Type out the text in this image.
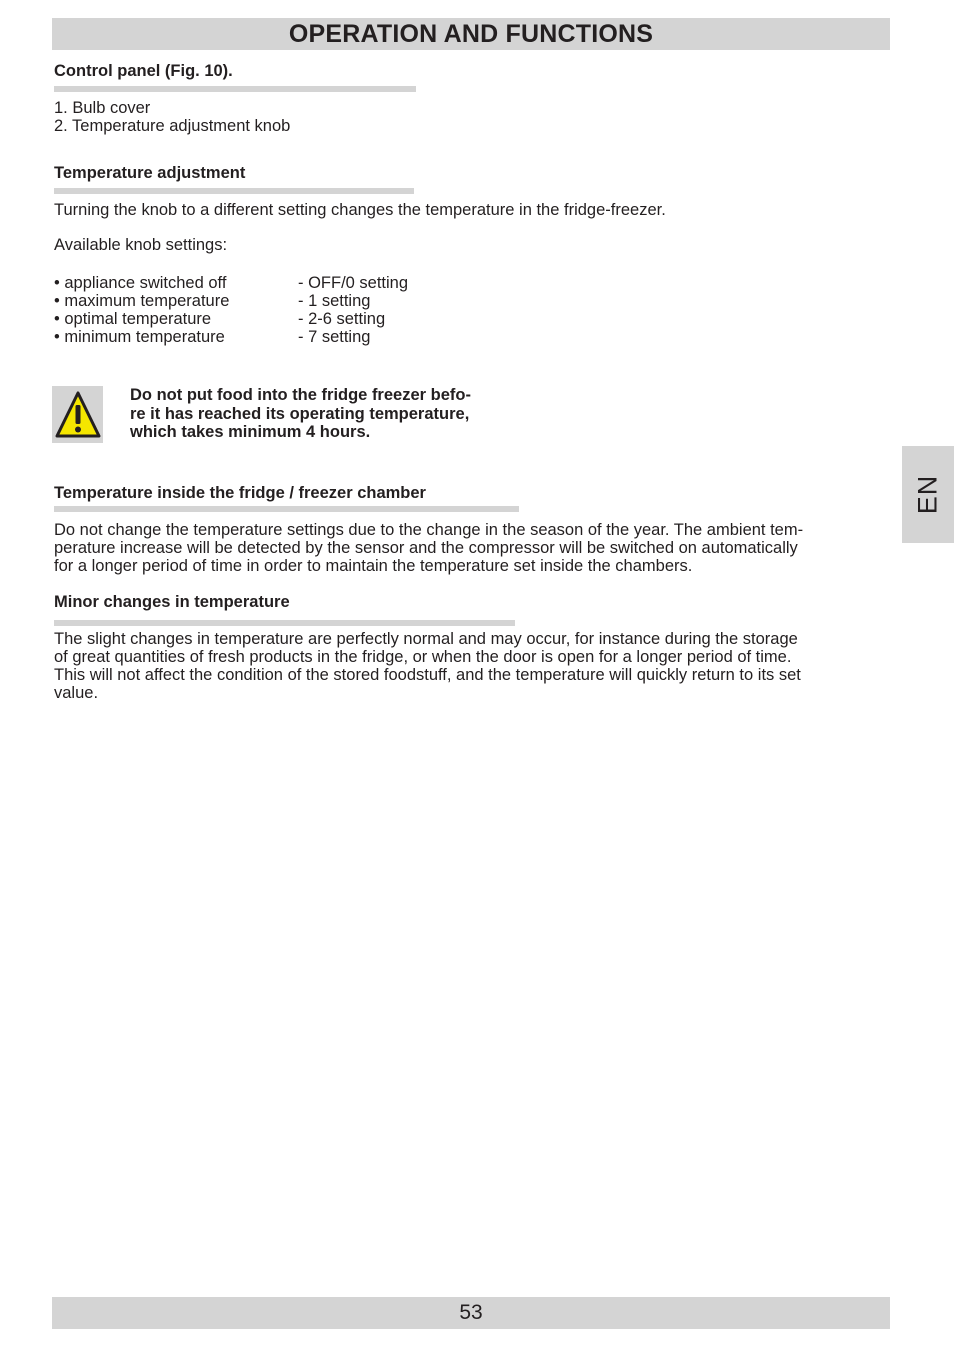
OPERATION AND FUNCTIONS

Control panel (Fig. 10).

1. Bulb cover
2. Temperature adjustment knob

Temperature adjustment

Turning the knob to a different setting changes the temperature in the fridge-freezer.
Available knob settings:
• appliance switched off	- OFF/0 setting
• maximum temperature	- 1 setting
• optimal temperature	- 2-6 setting
• minimum temperature	- 7 setting
Do not put food into the fridge freezer befo-
re it has reached its operating temperature,
which takes minimum 4 hours.

Temperature inside the fridge / freezer chamber

Do not change the temperature settings due to the change in the season of the year. The ambient tem-
perature increase will be detected by the sensor and the compressor will be switched on automatically
for a longer period of time in order to maintain the temperature set inside the chambers.

Minor changes in temperature

The slight changes in temperature are perfectly normal and may occur, for instance during the storage
of great quantities of fresh products in the fridge, or when the door is open for a longer period of time.
This will not affect the condition of the stored foodstuff, and the temperature will quickly return to its set
value.
EN
53
